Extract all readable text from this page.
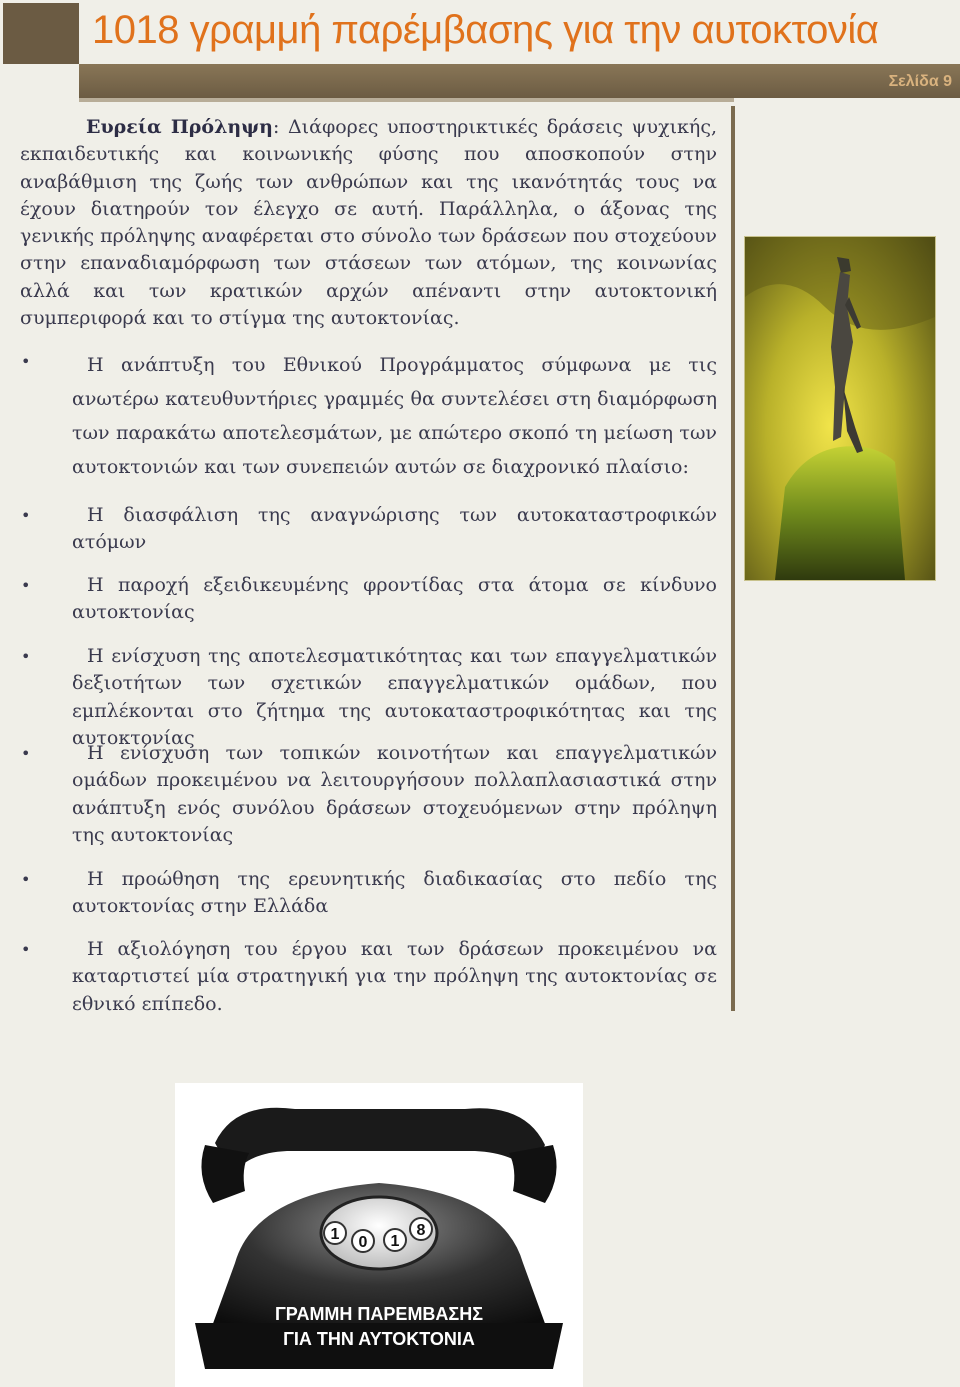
1018 γραμμή παρέμβασης για την αυτοκτονία
Σελίδα 9

Ευρεία Πρόληψη: Διάφορες υποστηρικτικές δράσεις ψυχικής, εκπαιδευτικής και κοινωνικής φύσης που αποσκοπούν στην αναβάθμιση της ζωής των ανθρώπων και της ικανότητάς τους να έχουν διατηρούν τον έλεγχο σε αυτή. Παράλληλα, ο άξονας της γενικής πρόληψης αναφέρεται στο σύνολο των δράσεων που στοχεύουν στην επαναδιαμόρφωση των στάσεων των ατόμων, της κοινωνίας αλλά και των κρατικών αρχών απέναντι στην αυτοκτονική συμπεριφορά και το στίγμα της αυτοκτονίας.

•	Η ανάπτυξη του Εθνικού Προγράμματος σύμφωνα με τις ανωτέρω κατευθυντήριες γραμμές θα συντελέσει στη διαμόρφωση των παρακάτω αποτελεσμάτων, με απώτερο σκοπό τη μείωση των αυτοκτονιών και των συνεπειών αυτών σε διαχρονικό πλαίσιο:
•	Η διασφάλιση της αναγνώρισης των αυτοκαταστροφικών ατόμων
•	Η παροχή εξειδικευμένης φροντίδας στα άτομα σε κίνδυνο αυτοκτονίας
•	Η ενίσχυση της αποτελεσματικότητας και των επαγγελματικών δεξιοτήτων των σχετικών επαγγελματικών ομάδων, που εμπλέκονται στο ζήτημα της αυτοκαταστροφικότητας και της αυτοκτονίας
•	Η ενίσχυση των τοπικών κοινοτήτων και επαγγελματικών ομάδων προκειμένου να λειτουργήσουν πολλαπλασιαστικά στην ανάπτυξη ενός συνόλου δράσεων στοχευόμενων στην πρόληψη της αυτοκτονίας
•	Η προώθηση της ερευνητικής διαδικασίας στο πεδίο της αυτοκτονίας στην Ελλάδα
•	Η αξιολόγηση του έργου και των δράσεων προκειμένου να καταρτιστεί μία στρατηγική για την πρόληψη της αυτοκτονίας σε εθνικό επίπεδο.
1 0 1
8
ΓΡΑΜΜΗ ΠΑΡΕΜΒΑΣΗΣ
ΓΙΑ ΤΗΝ ΑΥΤΟΚΤΟΝΙΑ
